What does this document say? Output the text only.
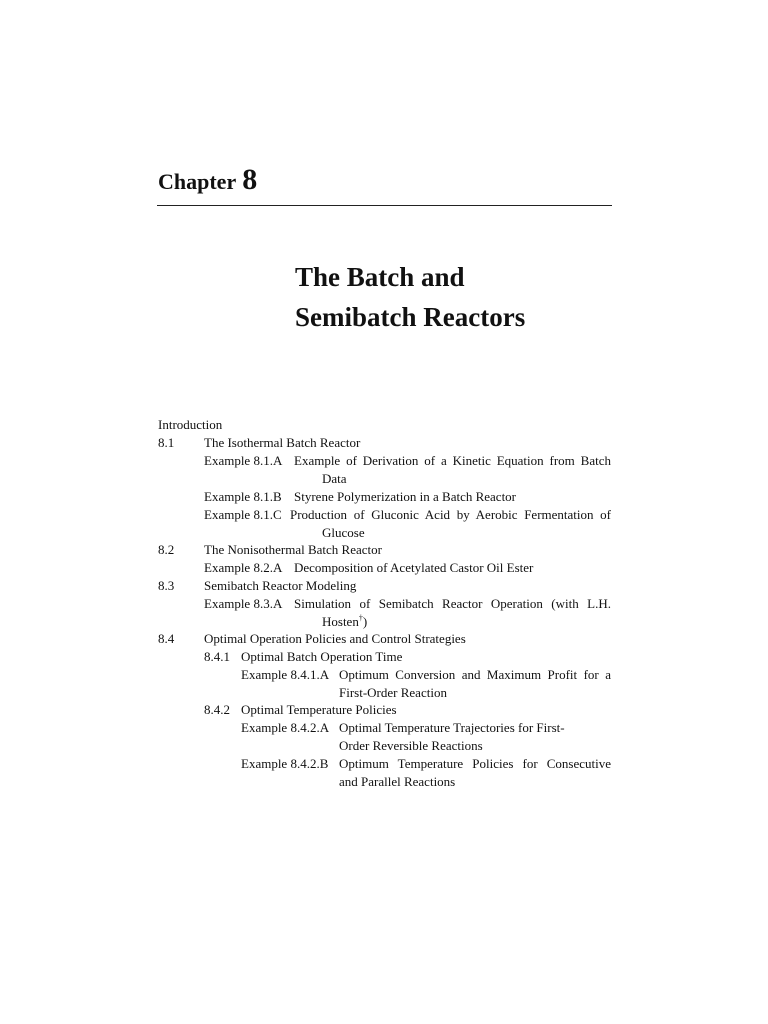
Chapter 8
The Batch and
Semibatch Reactors
Introduction
8.1 The Isothermal Batch Reactor
Example 8.1.A Example of Derivation of a Kinetic Equation from Batch
Data
Example 8.1.B Styrene Polymerization in a Batch Reactor
Example 8.1.C Production of Gluconic Acid by Aerobic Fermentation of
Glucose
8.2 The Nonisothermal Batch Reactor
Example 8.2.A Decomposition of Acetylated Castor Oil Ester
8.3 Semibatch Reactor Modeling
Example 8.3.A Simulation of Semibatch Reactor Operation (with L.H.
Hosten†)
8.4 Optimal Operation Policies and Control Strategies
8.4.1 Optimal Batch Operation Time
Example 8.4.1.A Optimum Conversion and Maximum Profit for a
First-Order Reaction
8.4.2 Optimal Temperature Policies
Example 8.4.2.A Optimal Temperature Trajectories for First-
Order Reversible Reactions
Example 8.4.2.B Optimum Temperature Policies for Consecutive
and Parallel Reactions
